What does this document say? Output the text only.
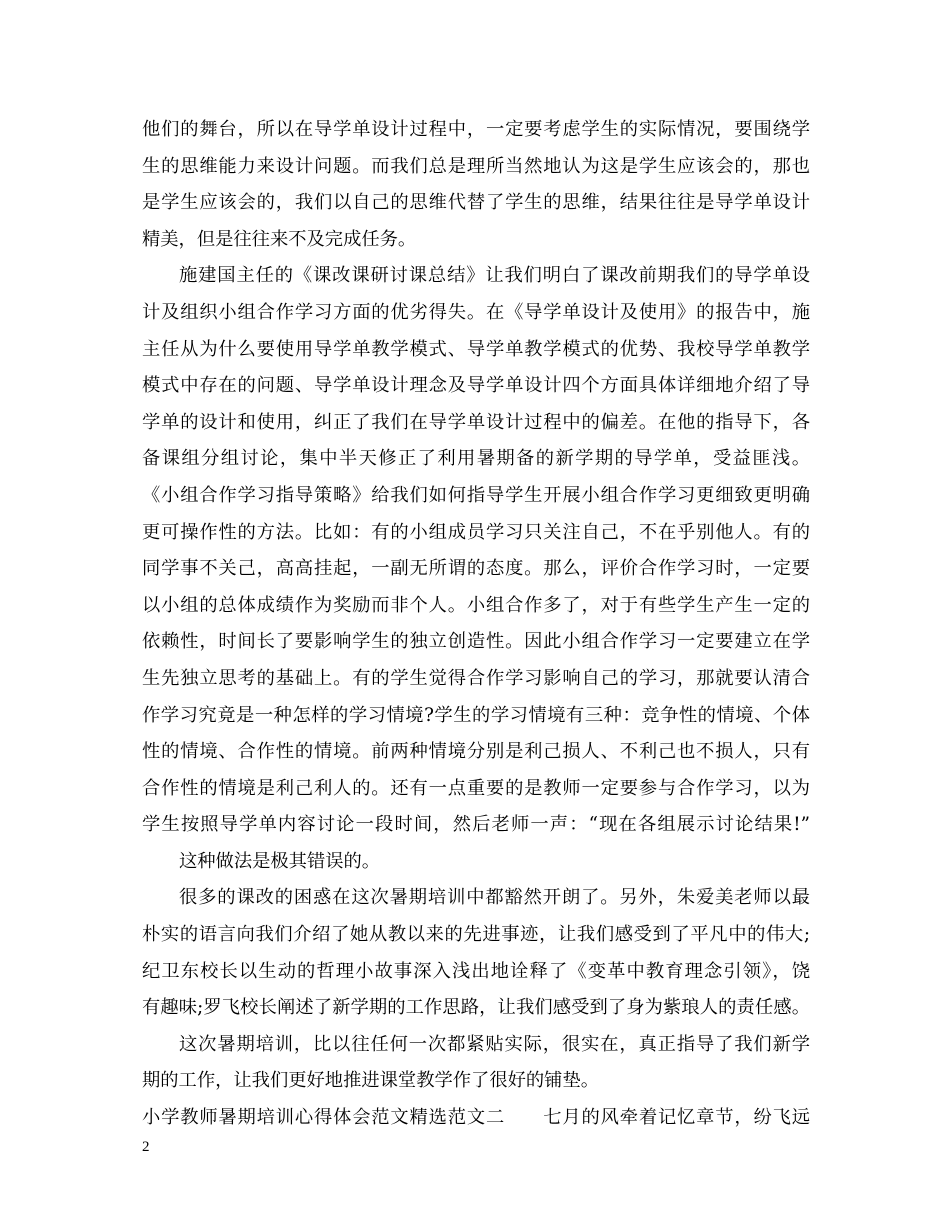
他们的舞台，所以在导学单设计过程中，一定要考虑学生的实际情况，要围绕学
生的思维能力来设计问题。而我们总是理所当然地认为这是学生应该会的，那也
是学生应该会的，我们以自己的思维代替了学生的思维，结果往往是导学单设计
精美，但是往往来不及完成任务。
施建国主任的《课改课研讨课总结》让我们明白了课改前期我们的导学单设
计及组织小组合作学习方面的优劣得失。在《导学单设计及使用》的报告中，施
主任从为什么要使用导学单教学模式、导学单教学模式的优势、我校导学单教学
模式中存在的问题、导学单设计理念及导学单设计四个方面具体详细地介绍了导
学单的设计和使用，纠正了我们在导学单设计过程中的偏差。在他的指导下，各
备课组分组讨论，集中半天修正了利用暑期备的新学期的导学单，受益匪浅。
《小组合作学习指导策略》给我们如何指导学生开展小组合作学习更细致更明确
更可操作性的方法。比如：有的小组成员学习只关注自己，不在乎别他人。有的
同学事不关己，高高挂起，一副无所谓的态度。那么，评价合作学习时，一定要
以小组的总体成绩作为奖励而非个人。小组合作多了，对于有些学生产生一定的
依赖性，时间长了要影响学生的独立创造性。因此小组合作学习一定要建立在学
生先独立思考的基础上。有的学生觉得合作学习影响自己的学习，那就要认清合
作学习究竟是一种怎样的学习情境?学生的学习情境有三种：竞争性的情境、个体
性的情境、合作性的情境。前两种情境分别是利己损人、不利己也不损人，只有
合作性的情境是利己利人的。还有一点重要的是教师一定要参与合作学习，以为
学生按照导学单内容讨论一段时间，然后老师一声：“现在各组展示讨论结果!”
这种做法是极其错误的。
很多的课改的困惑在这次暑期培训中都豁然开朗了。另外，朱爱美老师以最
朴实的语言向我们介绍了她从教以来的先进事迹，让我们感受到了平凡中的伟大;
纪卫东校长以生动的哲理小故事深入浅出地诠释了《变革中教育理念引领》，饶
有趣味;罗飞校长阐述了新学期的工作思路，让我们感受到了身为紫琅人的责任感。
这次暑期培训，比以往任何一次都紧贴实际，很实在，真正指导了我们新学
期的工作，让我们更好地推进课堂教学作了很好的铺垫。
小学教师暑期培训心得体会范文精选范文二　　七月的风牵着记忆章节，纷飞远
2
